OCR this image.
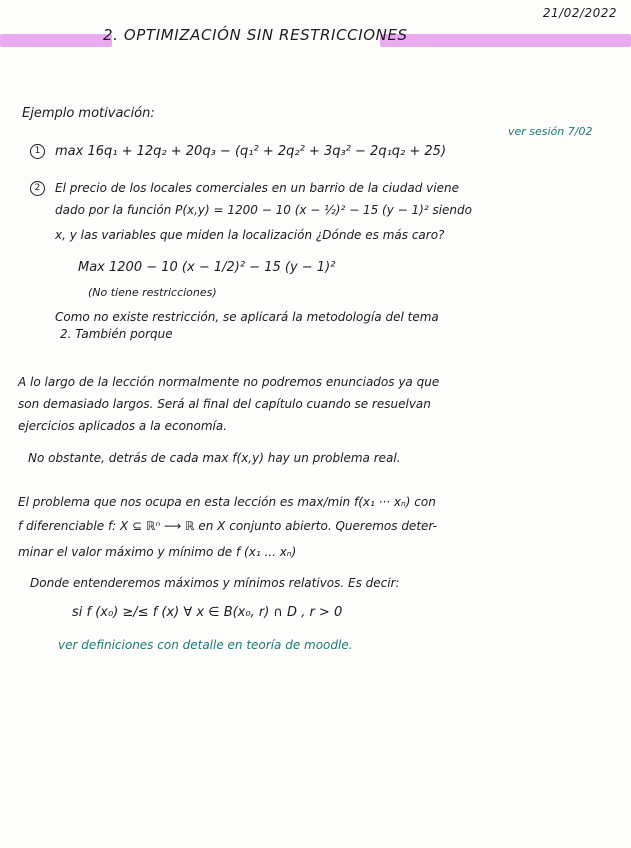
21/02/2022
2. OPTIMIZACIÓN SIN RESTRICCIONES
Ejemplo motivación:
ver sesión 7/02
1 max 16q₁ + 12q₂ + 20q₃ − (q₁² + 2q₂² + 3q₃² − 2q₁q₂ + 25)
2 El precio de los locales comerciales en un barrio de la ciudad viene
dado por la función P(x,y) = 1200 − 10 (x − ½)² − 15 (y − 1)² siendo
x, y las variables que miden la localización ¿Dónde es más caro?
Max 1200 − 10 (x − 1/2)² − 15 (y − 1)²
(No tiene restricciones)
Como no existe restricción, se aplicará la metodología del tema
2. También porque
A lo largo de la lección normalmente no podremos enunciados ya que
son demasiado largos. Será al final del capítulo cuando se resuelvan
ejercicios aplicados a la economía.
No obstante, detrás de cada max f(x,y) hay un problema real.
El problema que nos ocupa en esta lección es max/min f(x₁ ··· xₙ) con
f diferenciable f: X ⊆ ℝⁿ ⟶ ℝ en X conjunto abierto. Queremos deter-
minar el valor máximo y mínimo de f (x₁ ... xₙ)
Donde entenderemos máximos y mínimos relativos. Es decir:
si f (x₀) ≥/≤ f (x) ∀ x ∈ B(x₀, r) ∩ D , r > 0
ver definiciones con detalle en teoría de moodle.
